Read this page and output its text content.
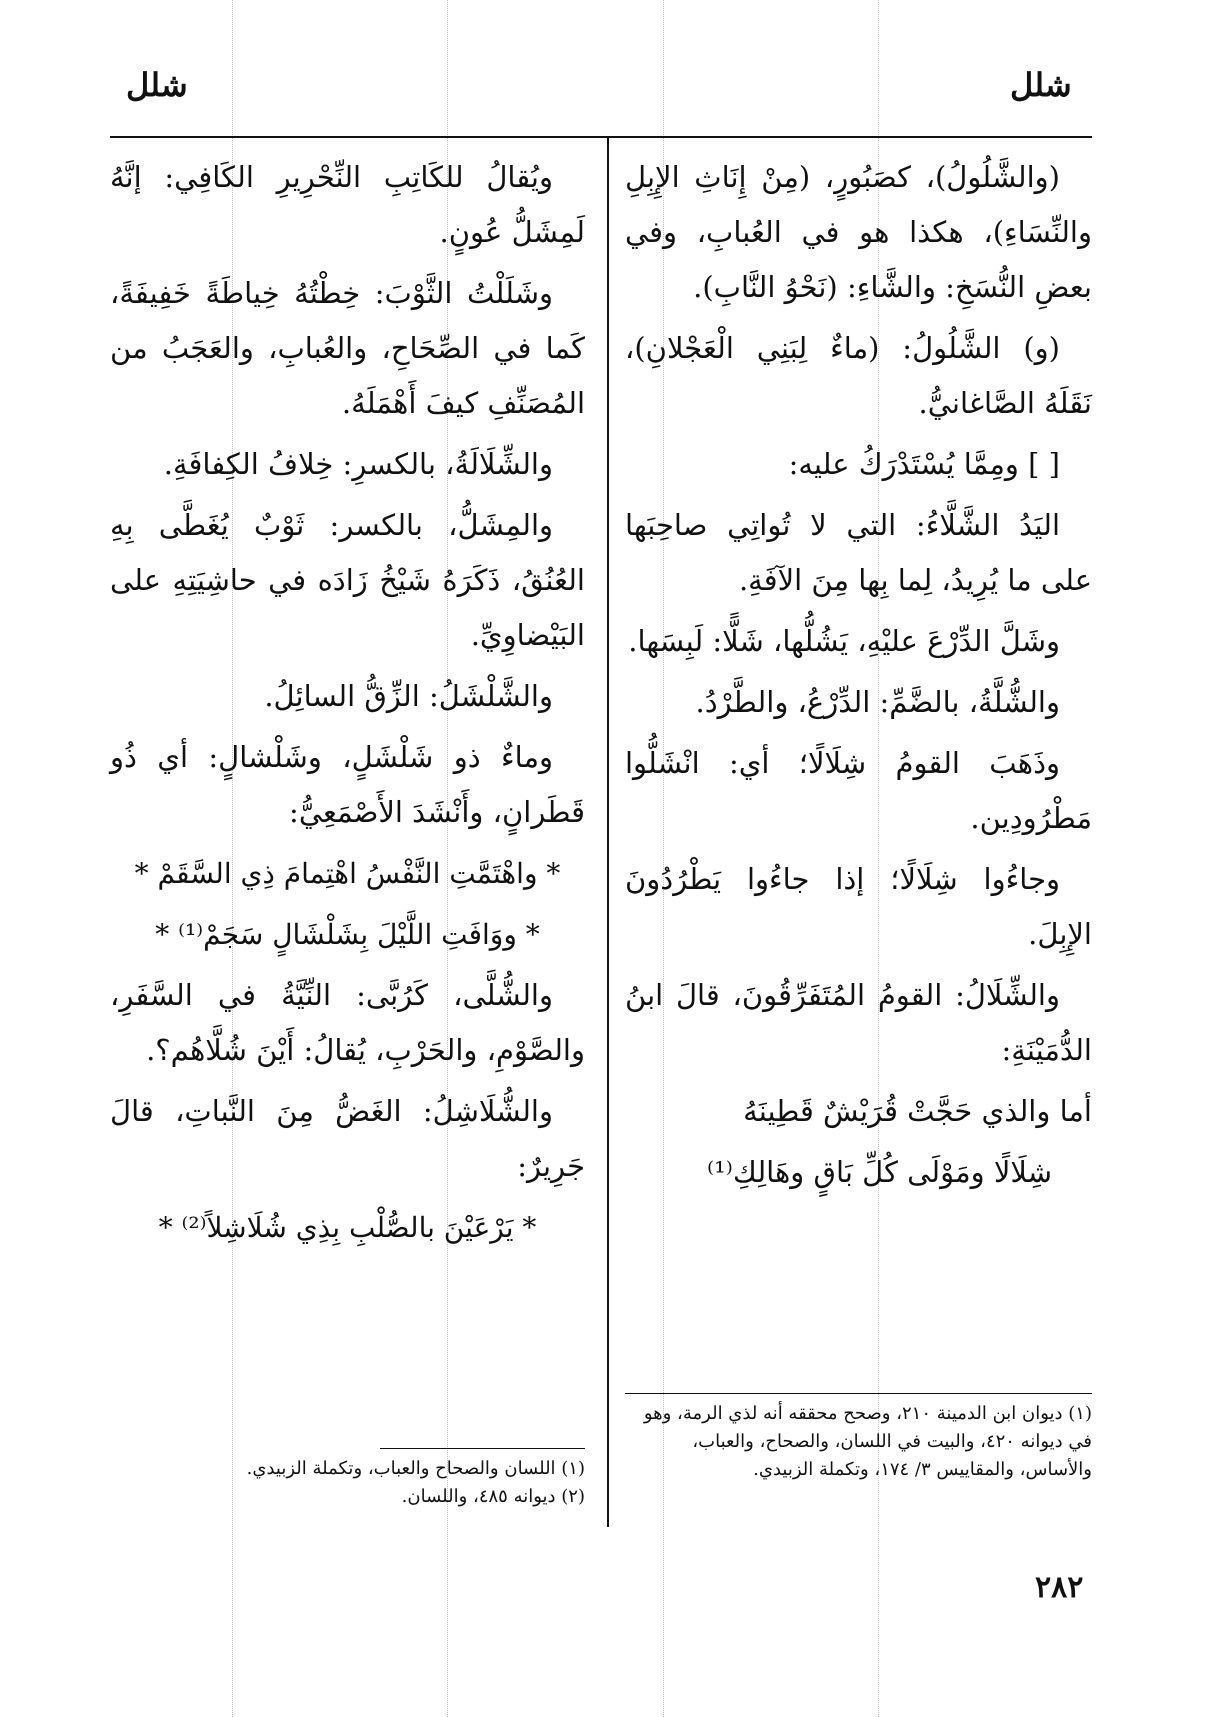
شلل
شلل

(والشَّلُولُ)، كصَبُورٍ، (مِنْ إِنَاثِ الإِبِلِ والنِّسَاءِ)، هكذا هو في العُبابِ، وفي بعضِ النُّسَخِ: والشَّاءِ: (نَحْوُ النَّابِ).

(و) الشَّلُولُ: (ماءٌ لِبَنِي الْعَجْلانِ)، نَقَلَهُ الصَّاغانيُّ.

[ ] ومِمَّا يُسْتَدْرَكُ عليه:

اليَدُ الشَّلَّاءُ: التي لا تُواتِي صاحِبَها على ما يُرِيدُ، لِما بِها مِنَ الآفَةِ.

وشَلَّ الدِّرْعَ عليْهِ، يَشُلُّها، شَلًّا: لَبِسَها.

والشُّلَّةُ، بالضَّمِّ: الدِّرْعُ، والطَّرْدُ.

وذَهَبَ القومُ شِلَالًا؛ أي: انْشَلُّوا مَطْرُودِين.

وجاءُوا شِلَالًا؛ إذا جاءُوا يَطْرُدُونَ الإِبِلَ.

والشِّلَالُ: القومُ المُتَفَرِّقُونَ، قالَ ابنُ الدُّمَيْنَةِ:

أما والذي حَجَّتْ قُرَيْشٌ قَطِينَهُ

شِلَالًا ومَوْلَى كُلِّ بَاقٍ وهَالِكِ⁽¹⁾

(١) ديوان ابن الدمينة ٢١٠، وصحح محققه أنه لذي الرمة، وهو في ديوانه ٤٢٠، والبيت في اللسان، والصحاح، والعباب، والأساس، والمقاييس ٣/ ١٧٤، وتكملة الزبيدي.

ويُقالُ للكَاتِبِ النِّحْرِيرِ الكَافِي: إنَّهُ لَمِشَلُّ عُونٍ.

وشَلَلْتُ الثَّوْبَ: خِطْتُهُ خِياطَةً خَفِيفَةً، كَما في الصِّحَاحِ، والعُبابِ، والعَجَبُ من المُصَنِّفِ كيفَ أَهْمَلَهُ.

والشِّلَالَةُ، بالكسرِ: خِلافُ الكِفافَةِ.

والمِشَلُّ، بالكسر: ثَوْبٌ يُغَطَّى بِهِ العُنُقُ، ذَكَرَهُ شَيْخُ زَادَه في حاشِيَتِهِ على البَيْضاوِيِّ.

والشَّلْشَلُ: الزِّقُّ السائِلُ.

وماءٌ ذو شَلْشَلٍ، وشَلْشالٍ: أي ذُو قَطَرانٍ، وأَنْشَدَ الأَصْمَعِيُّ:

* واهْتَمَّتِ النَّفْسُ اهْتِمامَ ذِي السَّقَمْ *

* ووَافَتِ اللَّيْلَ بِشَلْشَالٍ سَجَمْ⁽¹⁾ *

والشُّلَّى، كَرُبَّى: النِّيَّةُ في السَّفَرِ، والصَّوْمِ، والحَرْبِ، يُقالُ: أَيْنَ شُلَّاهُم؟.

والشُّلَاشِلُ: الغَضُّ مِنَ النَّباتِ، قالَ جَرِيرٌ:

* يَرْعَيْنَ بالصُّلْبِ بِذِي شُلَاشِلاً⁽²⁾ *

(١) اللسان والصحاح والعباب، وتكملة الزبيدي.

(٢) ديوانه ٤٨٥، واللسان.

٢٨٢
